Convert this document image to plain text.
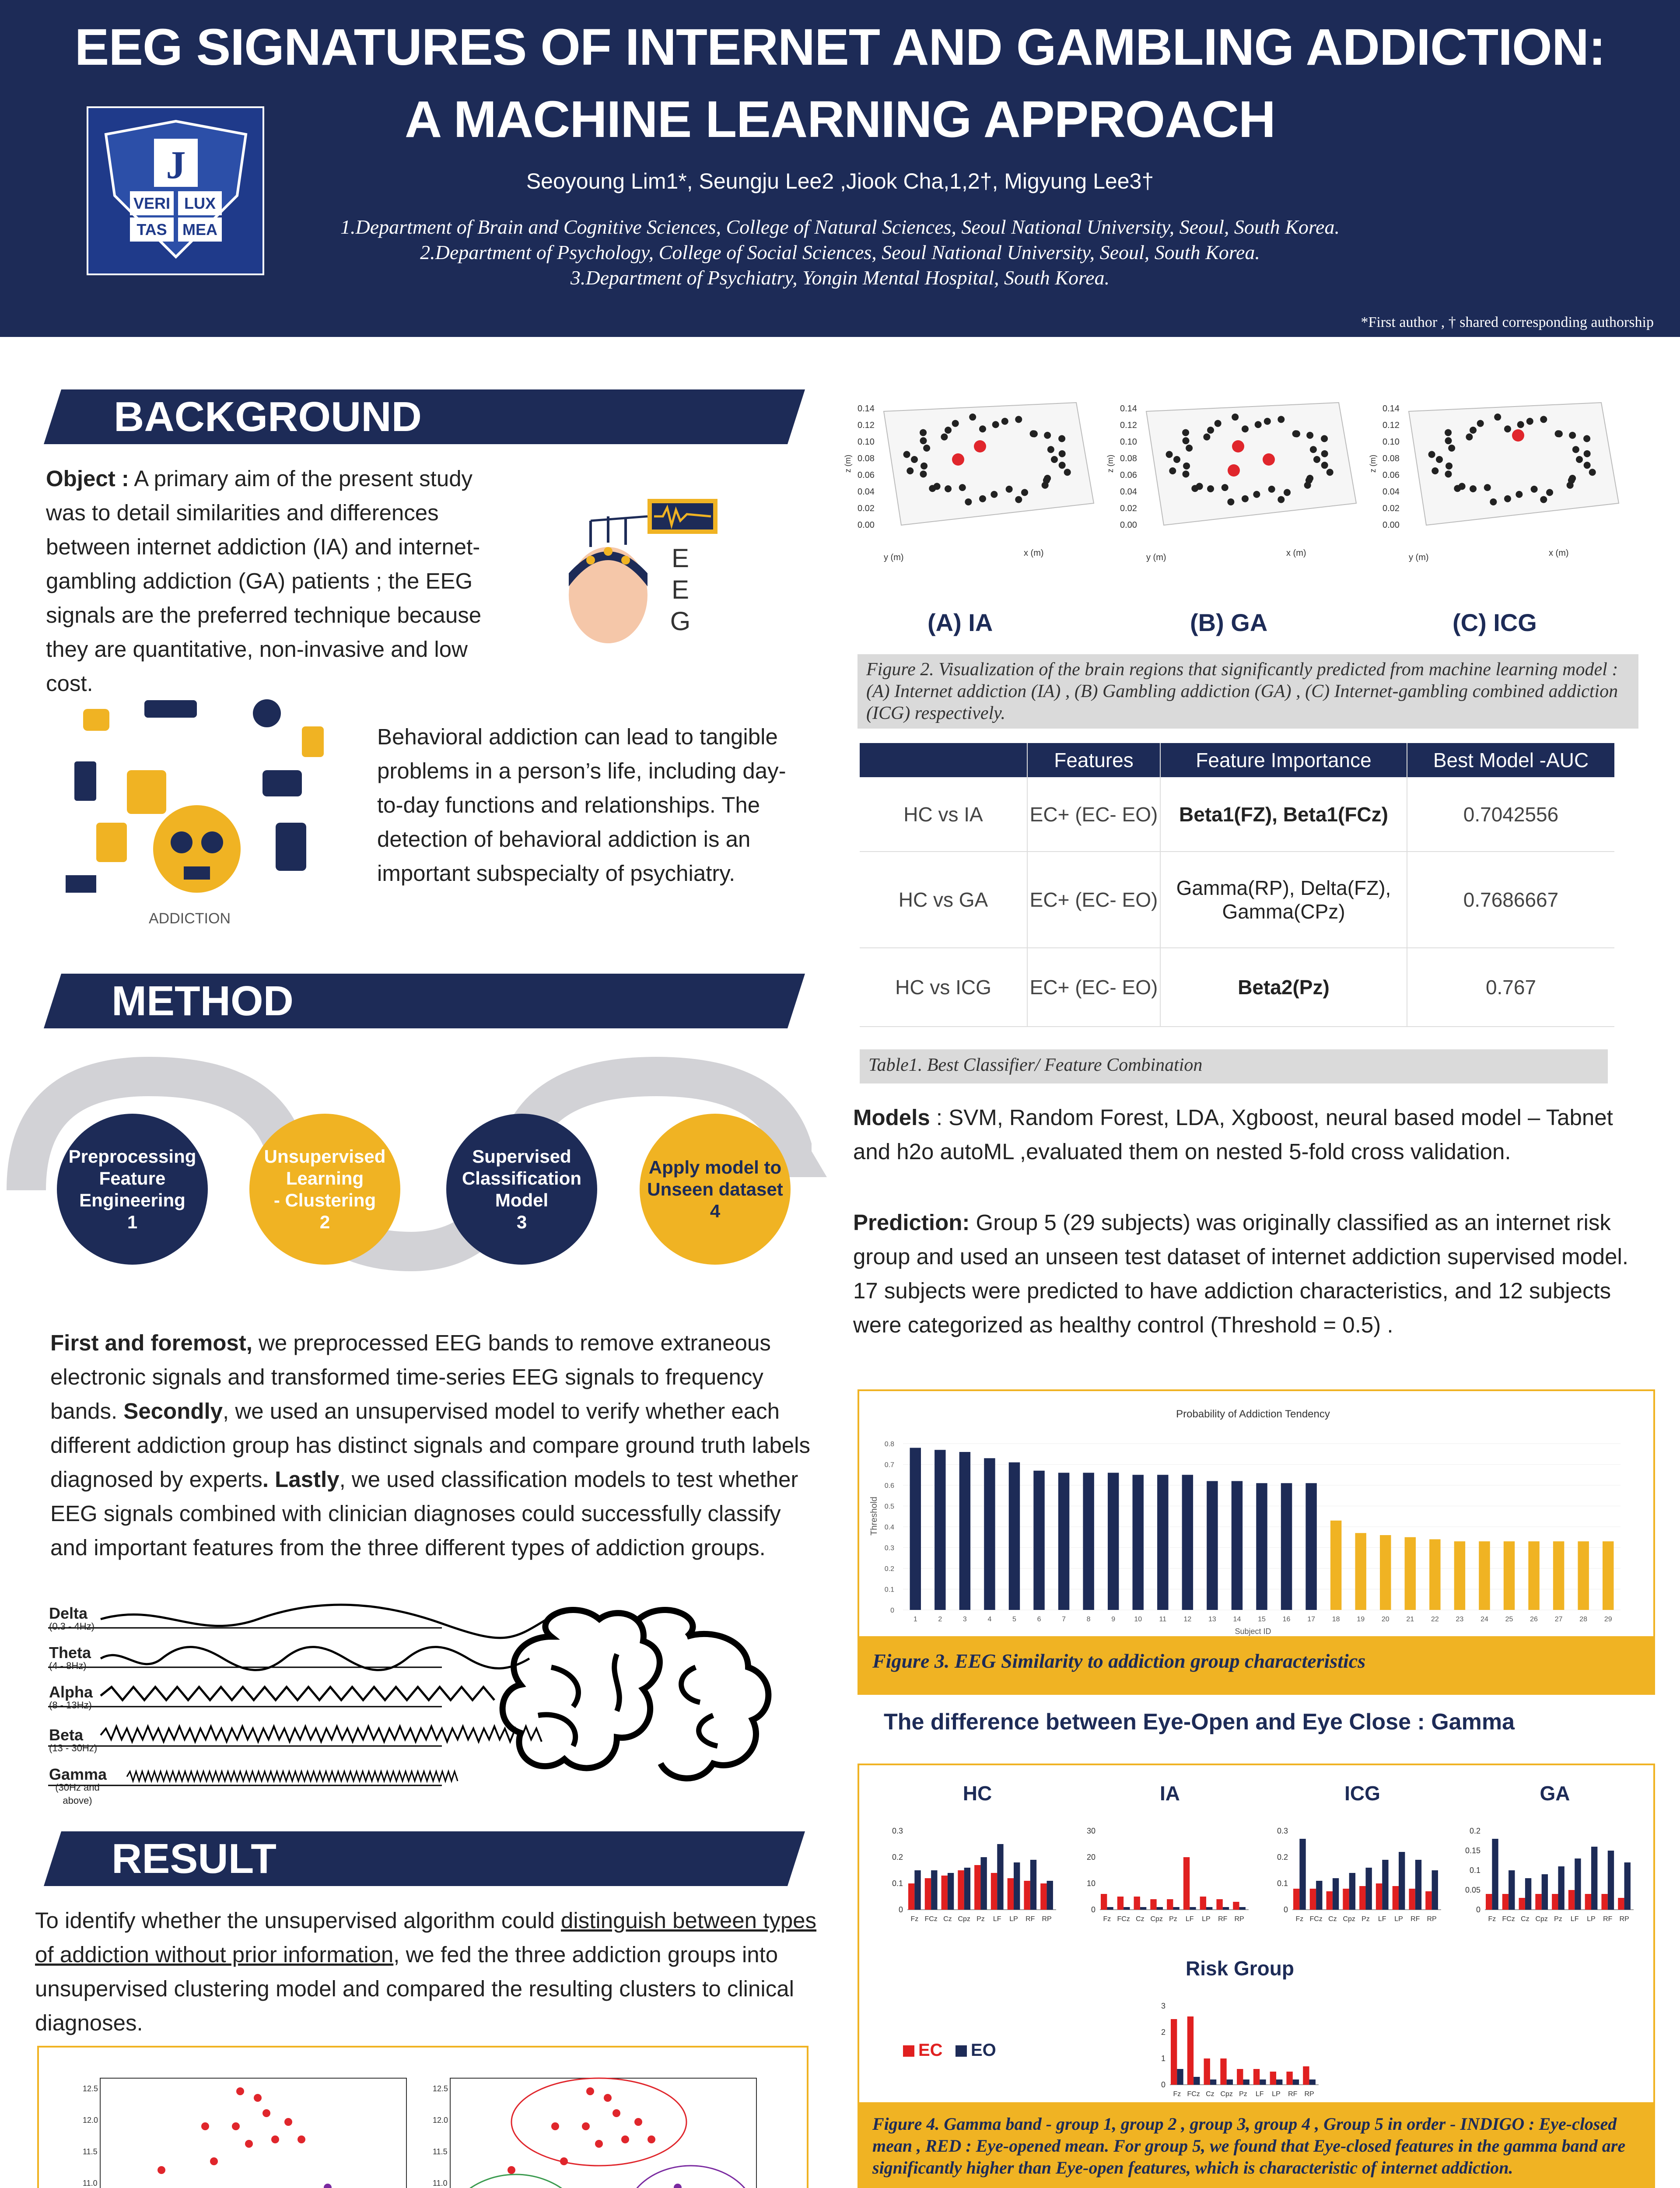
J
VERI LUX
TAS MEA
EEG SIGNATURES OF INTERNET AND GAMBLING ADDICTION:
A MACHINE LEARNING APPROACH
Seoyoung Lim1*, Seungju Lee2 ,Jiook Cha,1,2†, Migyung Lee3†
1.Department of Brain and Cognitive Sciences, College of Natural Sciences, Seoul National University, Seoul, South Korea.
2.Department of Psychology, College of Social Sciences, Seoul National University, Seoul, South Korea.
3.Department of Psychiatry, Yongin Mental Hospital, South Korea.
*First author , † shared corresponding authorship
BACKGROUND
Object : A primary aim of the present study was to detail similarities and differences between internet addiction (IA) and internet-gambling addiction (GA) patients ; the EEG signals are the preferred technique because they are quantitative, non-invasive and low cost.
E
E
G
ADDICTION
Behavioral addiction can lead to tangible problems in a person’s life, including day-to-day functions and relationships. The detection of behavioral addiction is an important subspecialty of psychiatry.
METHOD
Preprocessing
Feature
Engineering
1
Unsupervised
Learning
- Clustering
2
Supervised
Classification
Model
3
Apply model to
Unseen dataset
4
First and foremost, we preprocessed EEG bands to remove extraneous electronic signals and transformed time-series EEG signals to frequency bands. Secondly, we used an unsupervised model to verify whether each different addiction group has distinct signals and compare ground truth labels diagnosed by experts. Lastly, we used classification models to test whether EEG signals combined with clinician diagnoses could successfully classify and important features from the three different types of addiction groups.
Delta
(0.3 - 4Hz)
Theta
(4 - 8Hz)
Alpha
(8 - 13Hz)
Beta
(13 - 30Hz)
Gamma
(30Hz and above)
RESULT
To identify whether the unsupervised algorithm could distinguish between types of addiction without prior information, we fed the three addiction groups into unsupervised clustering model and compared the resulting clusters to clinical diagnoses.
12.5
12.0
11.5
11.0
12.5
12.0
11.5
11.0
0.14
0.12
0.10
0.08
0.06
0.04
0.02
0.00
z (m)
x (m)
y (m)
0.14
0.12
0.10
0.08
0.06
0.04
0.02
0.00
z (m)
x (m)
y (m)
0.14
0.12
0.10
0.08
0.06
0.04
0.02
0.00
z (m)
x (m)
y (m)
(A) IA	(B) GA	(C) ICG
Figure 2. Visualization of the brain regions that significantly predicted from machine learning model : (A) Internet addiction (IA) , (B) Gambling addiction (GA) , (C) Internet-gambling combined addiction (ICG) respectively.
	Features	Feature Importance	Best Model -AUC
HC vs IA	EC+ (EC- EO)	Beta1(FZ), Beta1(FCz)	0.7042556
HC vs GA	EC+ (EC- EO)	Gamma(RP), Delta(FZ), Gamma(CPz)	0.7686667
HC vs ICG	EC+ (EC- EO)	Beta2(Pz)	0.767
Table1. Best Classifier/ Feature Combination
Models : SVM, Random Forest, LDA, Xgboost, neural based model – Tabnet and h2o autoML ,evaluated them on nested 5-fold cross validation.
Prediction: Group 5 (29 subjects) was originally classified as an internet risk group and used an unseen test dataset of internet addiction supervised model. 17 subjects were predicted to have addiction characteristics, and 12 subjects were categorized as healthy control (Threshold = 0.5) .
Probability of Addiction Tendency
Threshold
0
0.1
0.2
0.3
0.4
0.5
0.6
0.7
0.8
1	2	3	4	5	6	7	8	9	10 11 12 13 14 15 16 17 18 19 20 21 22 23 24 25 26 27 28 29
Subject ID
Figure 3. EEG Similarity to addiction group characteristics
The difference between Eye-Open and Eye Close : Gamma
HC
0
0.1
0.2
0.3
Fz FCz Cz Cpz Pz LF LP RF RP
IA
0
10
20
30
Fz FCz Cz Cpz Pz LF LP RF RP
ICG
0
0.1
0.2
0.3
Fz FCz Cz Cpz Pz LF LP RF RP
GA
0
0.05
0.1
0.15
0.2
Fz FCz Cz Cpz Pz LF LP RF RP
Risk Group
0
1
2
3
Fz FCz Cz Cpz Pz LF LP RF RP
EC EO
Figure 4. Gamma band - group 1, group 2 , group 3, group 4 , Group 5 in order - INDIGO : Eye-closed mean , RED : Eye-opened mean. For group 5, we found that Eye-closed features in the gamma band are significantly higher than Eye-open features, which is characteristic of internet addiction.
